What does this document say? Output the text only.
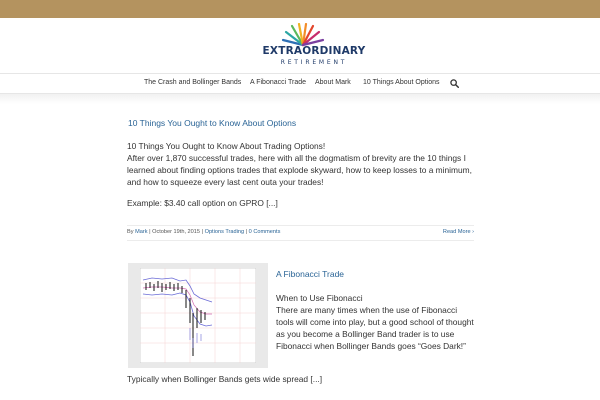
EXTRAORDINARY
RETIREMENT
The Crash and Bollinger Bands A Fibonacci Trade About Mark 10 Things About Options
10 Things You Ought to Know About Options
10 Things You Ought to Know About Trading Options!
After over 1,870 successful trades, here with all the dogmatism of brevity are the 10 things I learned about finding options trades that explode skyward, how to keep losses to a minimum, and how to squeeze every last cent outa your trades!
Example: $3.40 call option on GPRO [...]
By Mark | October 19th, 2015 | Options Trading | 0 Comments	Read More ›
A Fibonacci Trade
When to Use Fibonacci
There are many times when the use of Fibonacci tools will come into play, but a good school of thought as you become a Bollinger Band trader is to use Fibonacci when Bollinger Bands goes “Goes Dark!”
Typically when Bollinger Bands gets wide spread [...]
